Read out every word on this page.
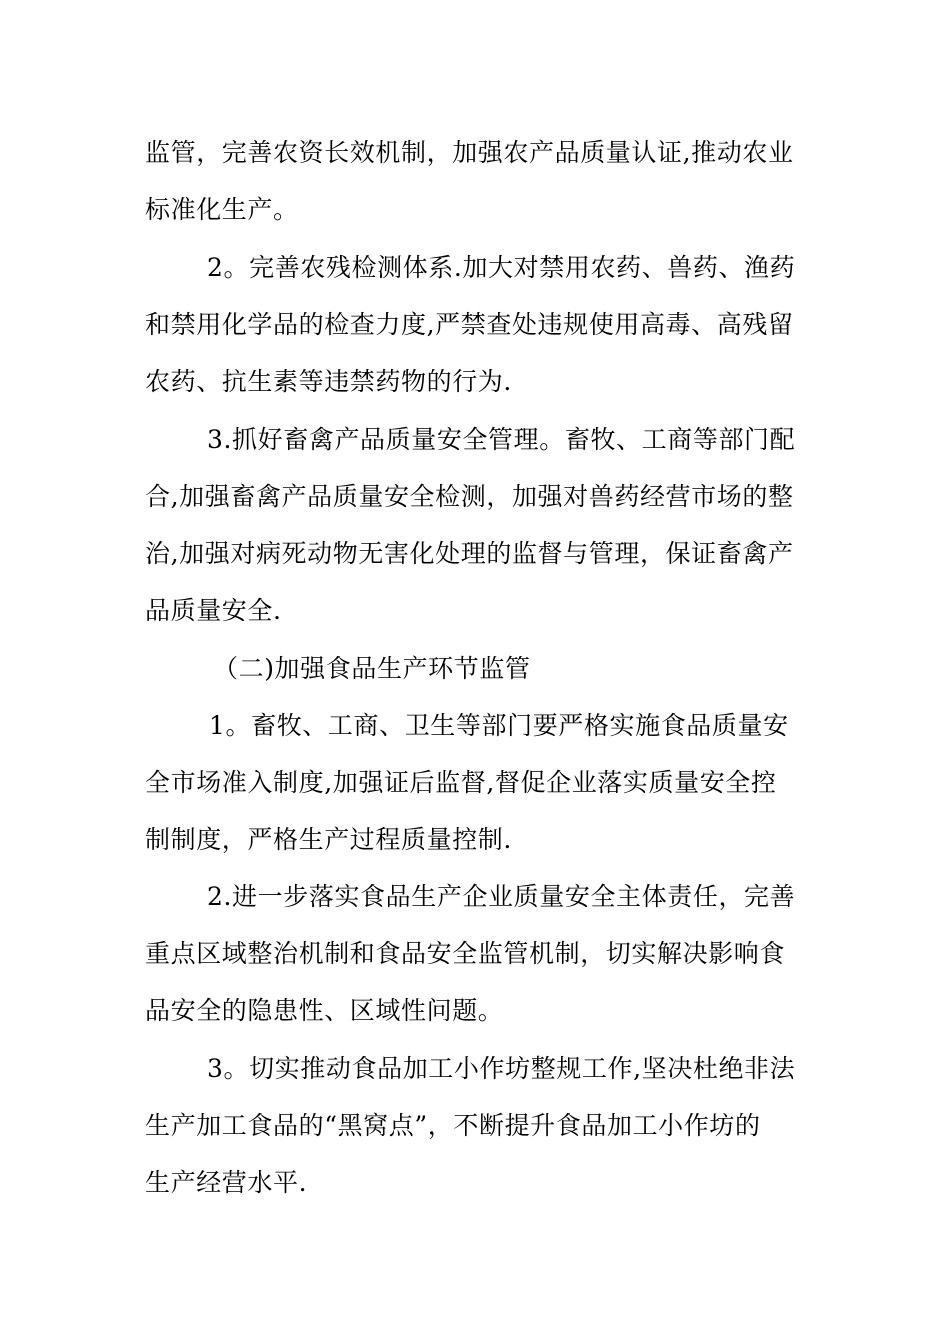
监管，完善农资长效机制，加强农产品质量认证,推动农业
标准化生产。
2。完善农残检测体系.加大对禁用农药、兽药、渔药
和禁用化学品的检查力度,严禁查处违规使用高毒、高残留
农药、抗生素等违禁药物的行为.
3.抓好畜禽产品质量安全管理。畜牧、工商等部门配
合,加强畜禽产品质量安全检测，加强对兽药经营市场的整
治,加强对病死动物无害化处理的监督与管理，保证畜禽产
品质量安全.
（二)加强食品生产环节监管
1。畜牧、工商、卫生等部门要严格实施食品质量安
全市场准入制度,加强证后监督,督促企业落实质量安全控
制制度，严格生产过程质量控制.
2.进一步落实食品生产企业质量安全主体责任，完善
重点区域整治机制和食品安全监管机制，切实解决影响食
品安全的隐患性、区域性问题。
3。切实推动食品加工小作坊整规工作,坚决杜绝非法
生产加工食品的“黑窝点”，不断提升食品加工小作坊的
生产经营水平.
